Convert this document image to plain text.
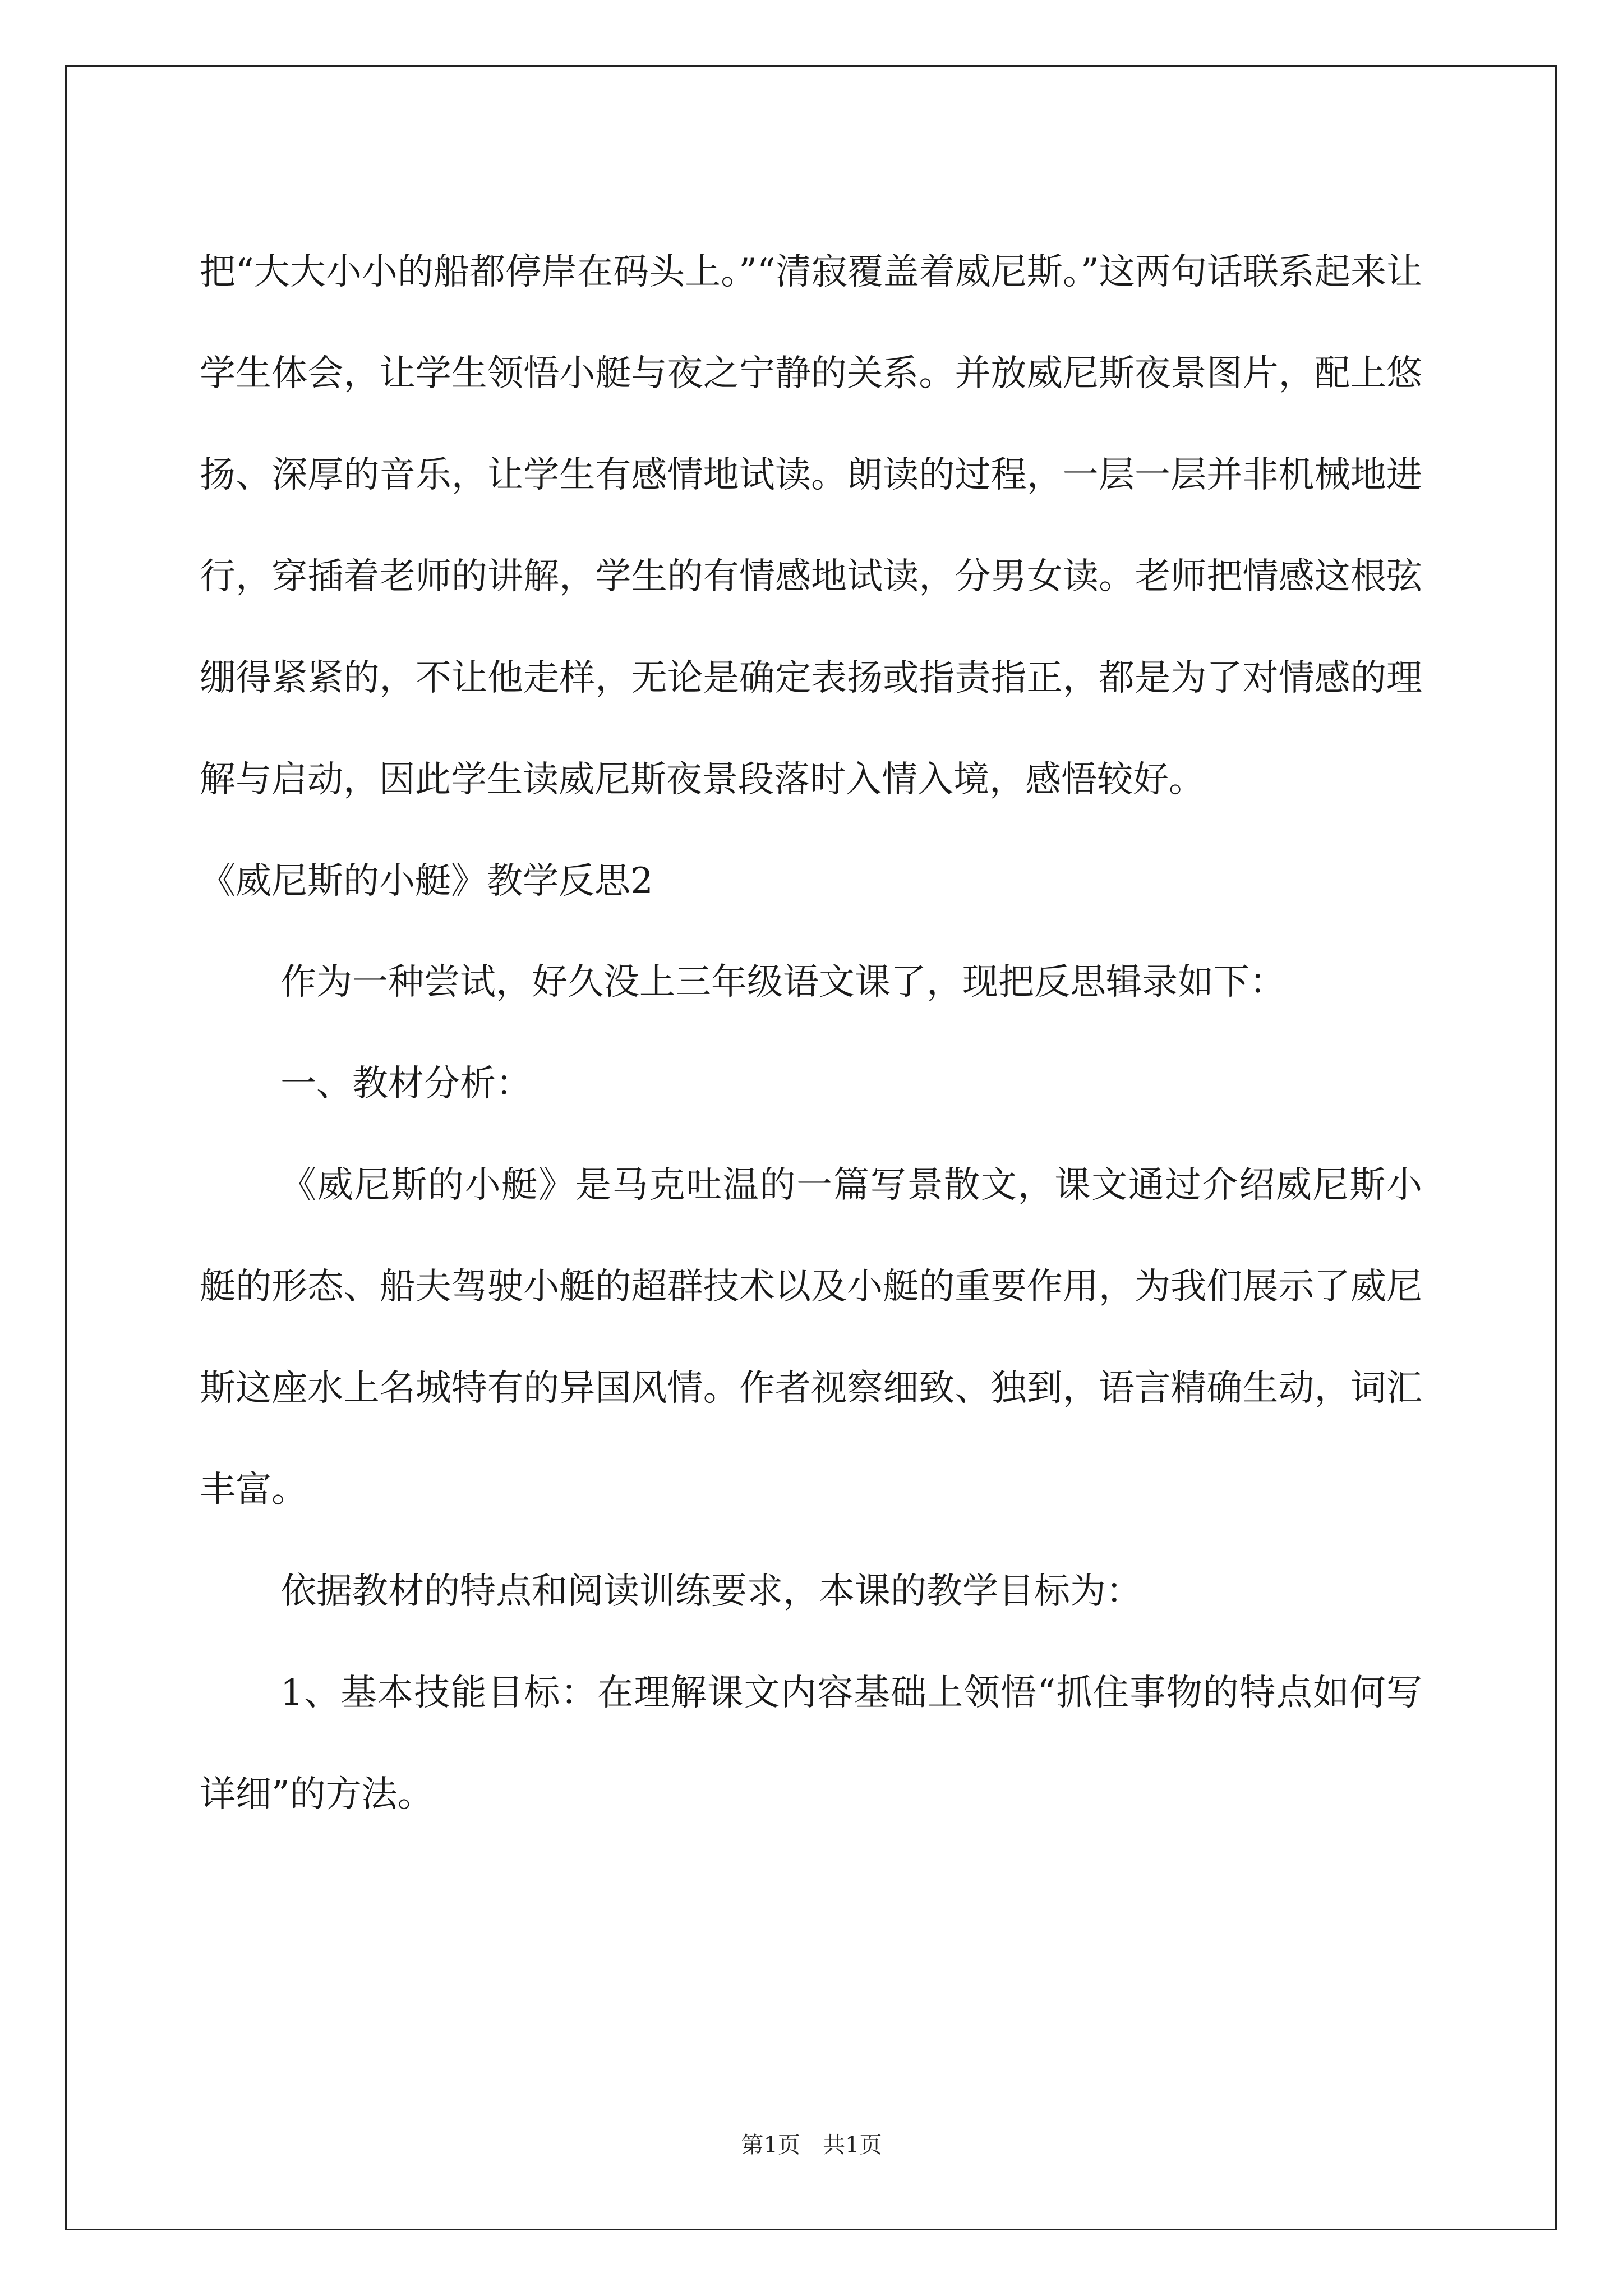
把“大大小小的船都停岸在码头上。”“清寂覆盖着威尼斯。”这两句话联系起来让学生体会，让学生领悟小艇与夜之宁静的关系。并放威尼斯夜景图片，配上悠扬、深厚的音乐，让学生有感情地试读。朗读的过程，一层一层并非机械地进行，穿插着老师的讲解，学生的有情感地试读，分男女读。老师把情感这根弦绷得紧紧的，不让他走样，无论是确定表扬或指责指正，都是为了对情感的理解与启动，因此学生读威尼斯夜景段落时入情入境，感悟较好。

《威尼斯的小艇》教学反思2

作为一种尝试，好久没上三年级语文课了，现把反思辑录如下：

一、教材分析：

《威尼斯的小艇》是马克吐温的一篇写景散文，课文通过介绍威尼斯小艇的形态、船夫驾驶小艇的超群技术以及小艇的重要作用，为我们展示了威尼斯这座水上名城特有的异国风情。作者视察细致、独到，语言精确生动，词汇丰富。

依据教材的特点和阅读训练要求，本课的教学目标为：

1、基本技能目标：在理解课文内容基础上领悟“抓住事物的特点如何写详细”的方法。

第1页 共1页
